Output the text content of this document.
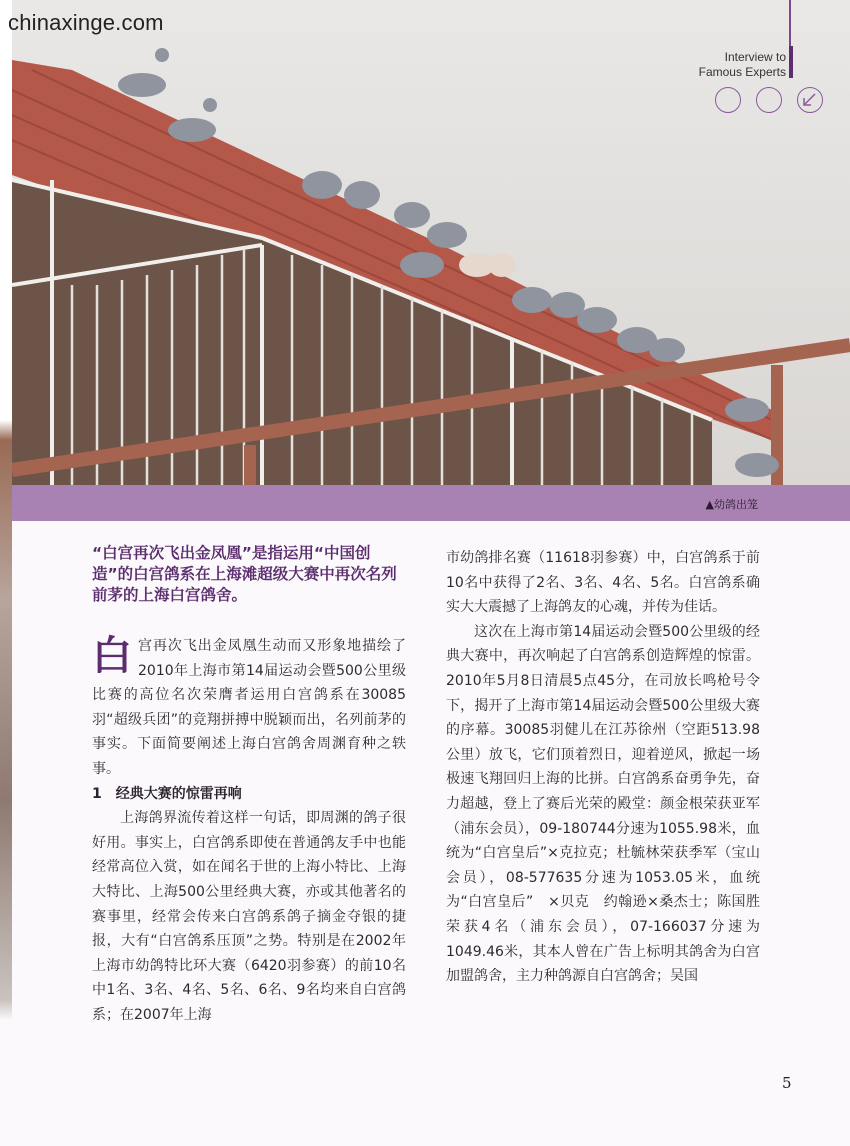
chinaxinge.com
Interview to
Famous Experts
▲幼鸽出笼
“白宫再次飞出金凤凰”是指运用“中国创造”的白宫鸽系在上海滩超级大赛中再次名列前茅的上海白宫鸽舍。
白宫再次飞出金凤凰生动而又形象地描绘了2010年上海市第14届运动会暨500公里级比赛的高位名次荣膺者运用白宫鸽系在30085羽“超级兵团”的竞翔拼搏中脱颖而出，名列前茅的事实。下面简要阐述上海白宫鸽舍周渊育种之轶事。
1　经典大赛的惊雷再响
上海鸽界流传着这样一句话，即周渊的鸽子很好用。事实上，白宫鸽系即使在普通鸽友手中也能经常高位入赏，如在闻名于世的上海小特比、上海大特比、上海500公里经典大赛，亦或其他著名的赛事里，经常会传来白宫鸽系鸽子摘金夺银的捷报，大有“白宫鸽系压顶”之势。特别是在2002年上海市幼鸽特比环大赛（6420羽参赛）的前10名中1名、3名、4名、5名、6名、9名均来自白宫鸽系；在2007年上海
市幼鸽排名赛（11618羽参赛）中，白宫鸽系于前10名中获得了2名、3名、4名、5名。白宫鸽系确实大大震撼了上海鸽友的心魂，并传为佳话。
这次在上海市第14届运动会暨500公里级的经典大赛中，再次响起了白宫鸽系创造辉煌的惊雷。2010年5月8日清晨5点45分，在司放长鸣枪号令下，揭开了上海市第14届运动会暨500公里级大赛的序幕。30085羽健儿在江苏徐州（空距513.98公里）放飞，它们顶着烈日，迎着逆风，掀起一场极速飞翔回归上海的比拼。白宫鸽系奋勇争先，奋力超越，登上了赛后光荣的殿堂：颜金根荣获亚军（浦东会员），09-180744分速为1055.98米，血统为“白宫皇后”×克拉克；杜毓林荣获季军（宝山会员），08-577635分速为1053.05米，血统为“白宫皇后”　×贝克　约翰逊×桑杰士；陈国胜荣获4名（浦东会员），07-166037分速为1049.46米，其本人曾在广告上标明其鸽舍为白宫加盟鸽舍，主力种鸽源自白宫鸽舍；吴国
5
